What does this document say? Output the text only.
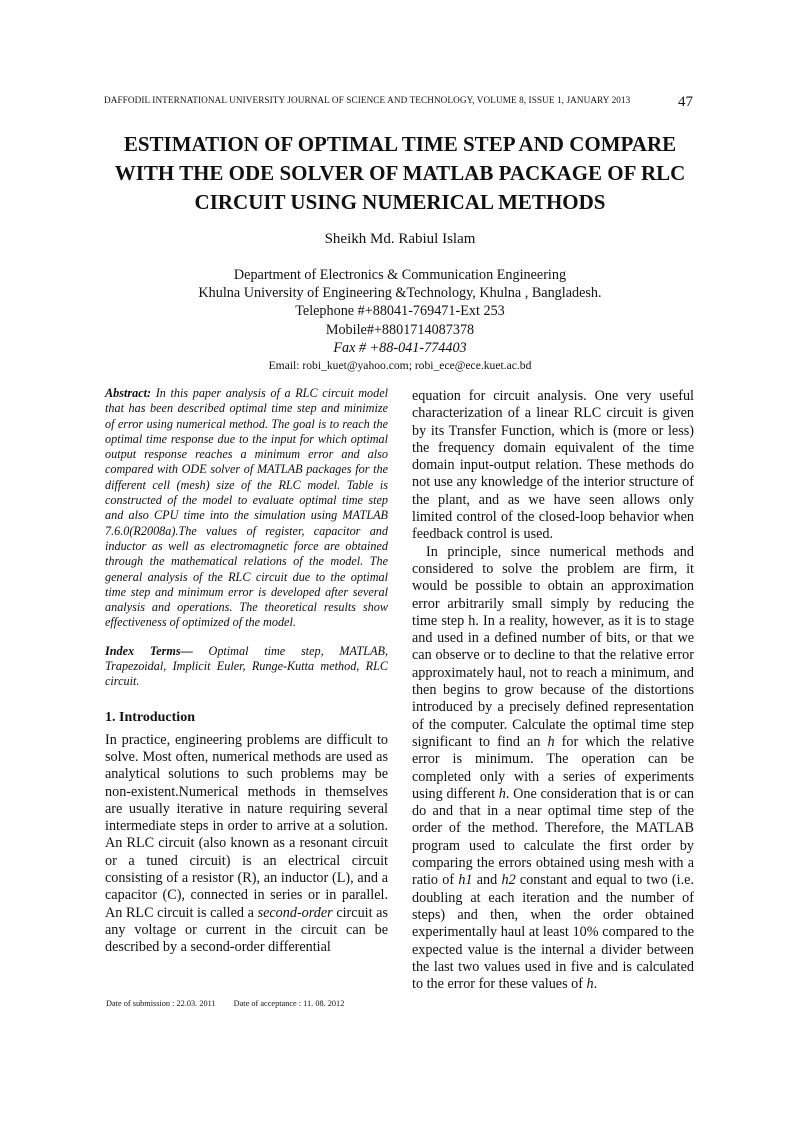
DAFFODIL INTERNATIONAL UNIVERSITY JOURNAL OF SCIENCE AND TECHNOLOGY, VOLUME 8, ISSUE 1, JANUARY 2013	47
ESTIMATION OF OPTIMAL TIME STEP AND COMPARE
WITH THE ODE SOLVER OF MATLAB PACKAGE OF RLC
CIRCUIT USING NUMERICAL METHODS
Sheikh Md. Rabiul Islam
Department of Electronics & Communication Engineering
Khulna University of Engineering &Technology, Khulna , Bangladesh.
Telephone #+88041-769471-Ext 253
Mobile#+8801714087378
Fax # +88-041-774403
Email: robi_kuet@yahoo.com; robi_ece@ece.kuet.ac.bd

Abstract: In this paper analysis of a RLC circuit model that has been described optimal time step and minimize of error using numerical method. The goal is to reach the optimal time response due to the input for which optimal output response reaches a minimum error and also compared with ODE solver of MATLAB packages for the different cell (mesh) size of the RLC model. Table is constructed of the model to evaluate optimal time step and also CPU time into the simulation using MATLAB 7.6.0(R2008a).The values of register, capacitor and inductor as well as electromagnetic force are obtained through the mathematical relations of the model. The general analysis of the RLC circuit due to the optimal time step and minimum error is developed after several analysis and operations. The theoretical results show effectiveness of optimized of the model.

Index Terms— Optimal time step, MATLAB, Trapezoidal, Implicit Euler, Runge-Kutta method, RLC circuit.

1. Introduction

In practice, engineering problems are difficult to solve. Most often, numerical methods are used as analytical solutions to such problems may be non-existent.Numerical methods in themselves are usually iterative in nature requiring several intermediate steps in order to arrive at a solution. An RLC circuit (also known as a resonant circuit or a tuned circuit) is an electrical circuit consisting of a resistor (R), an inductor (L), and a capacitor (C), connected in series or in parallel. An RLC circuit is called a second-order circuit as any voltage or current in the circuit can be described by a second-order differential

equation for circuit analysis. One very useful characterization of a linear RLC circuit is given by its Transfer Function, which is (more or less) the frequency domain equivalent of the time domain input-output relation. These methods do not use any knowledge of the interior structure of the plant, and as we have seen allows only limited control of the closed-loop behavior when feedback control is used.

In principle, since numerical methods and considered to solve the problem are firm, it would be possible to obtain an approximation error arbitrarily small simply by reducing the time step h. In a reality, however, as it is to stage and used in a defined number of bits, or that we can observe or to decline to that the relative error approximately haul, not to reach a minimum, and then begins to grow because of the distortions introduced by a precisely defined representation of the computer. Calculate the optimal time step significant to find an h for which the relative error is minimum. The operation can be completed only with a series of experiments using different h. One consideration that is or can do and that in a near optimal time step of the order of the method. Therefore, the MATLAB program used to calculate the first order by comparing the errors obtained using mesh with a ratio of h1 and h2 constant and equal to two (i.e. doubling at each iteration and the number of steps) and then, when the order obtained experimentally haul at least 10% compared to the expected value is the internal a divider between the last two values used in five and is calculated to the error for these values of h.

Date of submission : 22.03. 2011 Date of acceptance : 11. 08. 2012
